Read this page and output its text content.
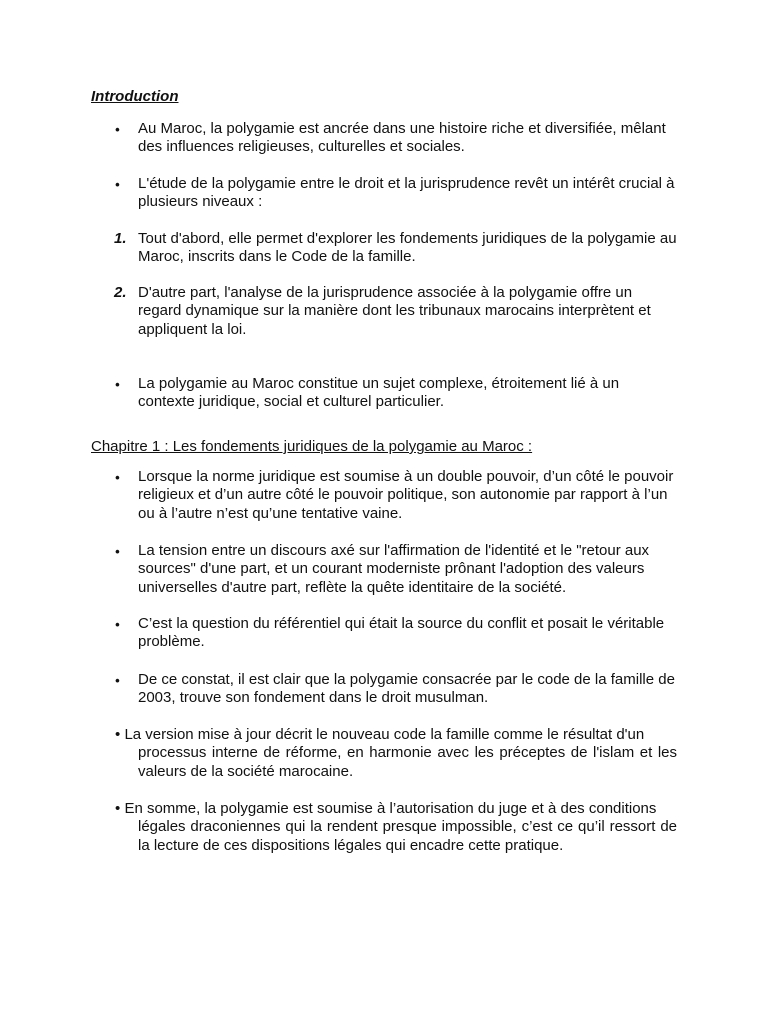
Introduction
• Au Maroc, la polygamie est ancrée dans une histoire riche et diversifiée, mêlant des influences religieuses, culturelles et sociales.
• L'étude de la polygamie entre le droit et la jurisprudence revêt un intérêt crucial à plusieurs niveaux :
1. Tout d'abord, elle permet d'explorer les fondements juridiques de la polygamie au Maroc, inscrits dans le Code de la famille.
2. D'autre part, l'analyse de la jurisprudence associée à la polygamie offre un regard dynamique sur la manière dont les tribunaux marocains interprètent et appliquent la loi.
• La polygamie au Maroc constitue un sujet complexe, étroitement lié à un contexte juridique, social et culturel particulier.
Chapitre 1 : Les fondements juridiques de la polygamie au Maroc :
• Lorsque la norme juridique est soumise à un double pouvoir, d’un côté le pouvoir religieux et d’un autre côté le pouvoir politique, son autonomie par rapport à l’un ou à l’autre n’est qu’une tentative vaine.
• La tension entre un discours axé sur l'affirmation de l'identité et le "retour aux sources" d'une part, et un courant moderniste prônant l'adoption des valeurs universelles d'autre part, reflète la quête identitaire de la société.
• C’est la question du référentiel qui était la source du conflit et posait le véritable problème.
• De ce constat, il est clair que la polygamie consacrée par le code de la famille de 2003, trouve son fondement dans le droit musulman.
• La version mise à jour décrit le nouveau code la famille comme le résultat d'un
processus interne de réforme, en harmonie avec les préceptes de l'islam et les valeurs de la société marocaine.
• En somme, la polygamie est soumise à l’autorisation du juge et à des conditions
légales draconiennes qui la rendent presque impossible, c’est ce qu’il ressort de la lecture de ces dispositions légales qui encadre cette pratique.
